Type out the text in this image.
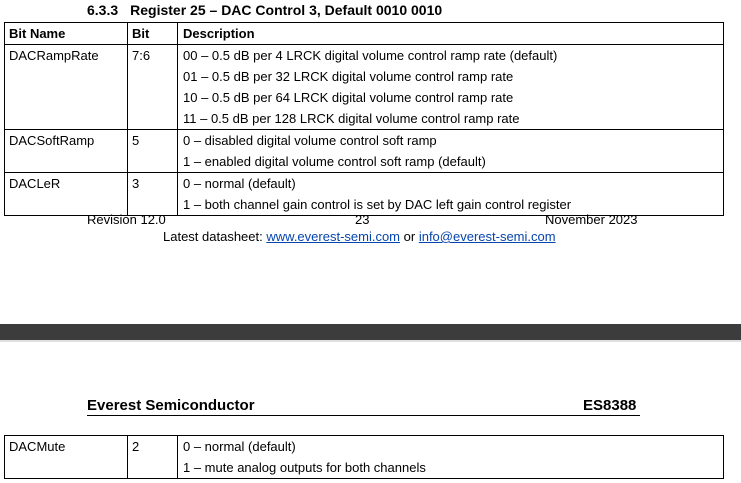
6.3.3 Register 25 – DAC Control 3, Default 0010 0010
Bit Name	Bit	Description
DACRampRate	7:6	00 – 0.5 dB per 4 LRCK digital volume control ramp rate (default)
01 – 0.5 dB per 32 LRCK digital volume control ramp rate
10 – 0.5 dB per 64 LRCK digital volume control ramp rate
11 – 0.5 dB per 128 LRCK digital volume control ramp rate

DACSoftRamp	5	0 – disabled digital volume control soft ramp
1 – enabled digital volume control soft ramp (default)

DACLeR	3	0 – normal (default)
1 – both channel gain control is set by DAC left gain control register
Revision 12.0	23	November 2023
Latest datasheet: www.everest-semi.com or info@everest-semi.com
Everest Semiconductor	ES8388
DACMute	2	0 – normal (default)
1 – mute analog outputs for both channels
